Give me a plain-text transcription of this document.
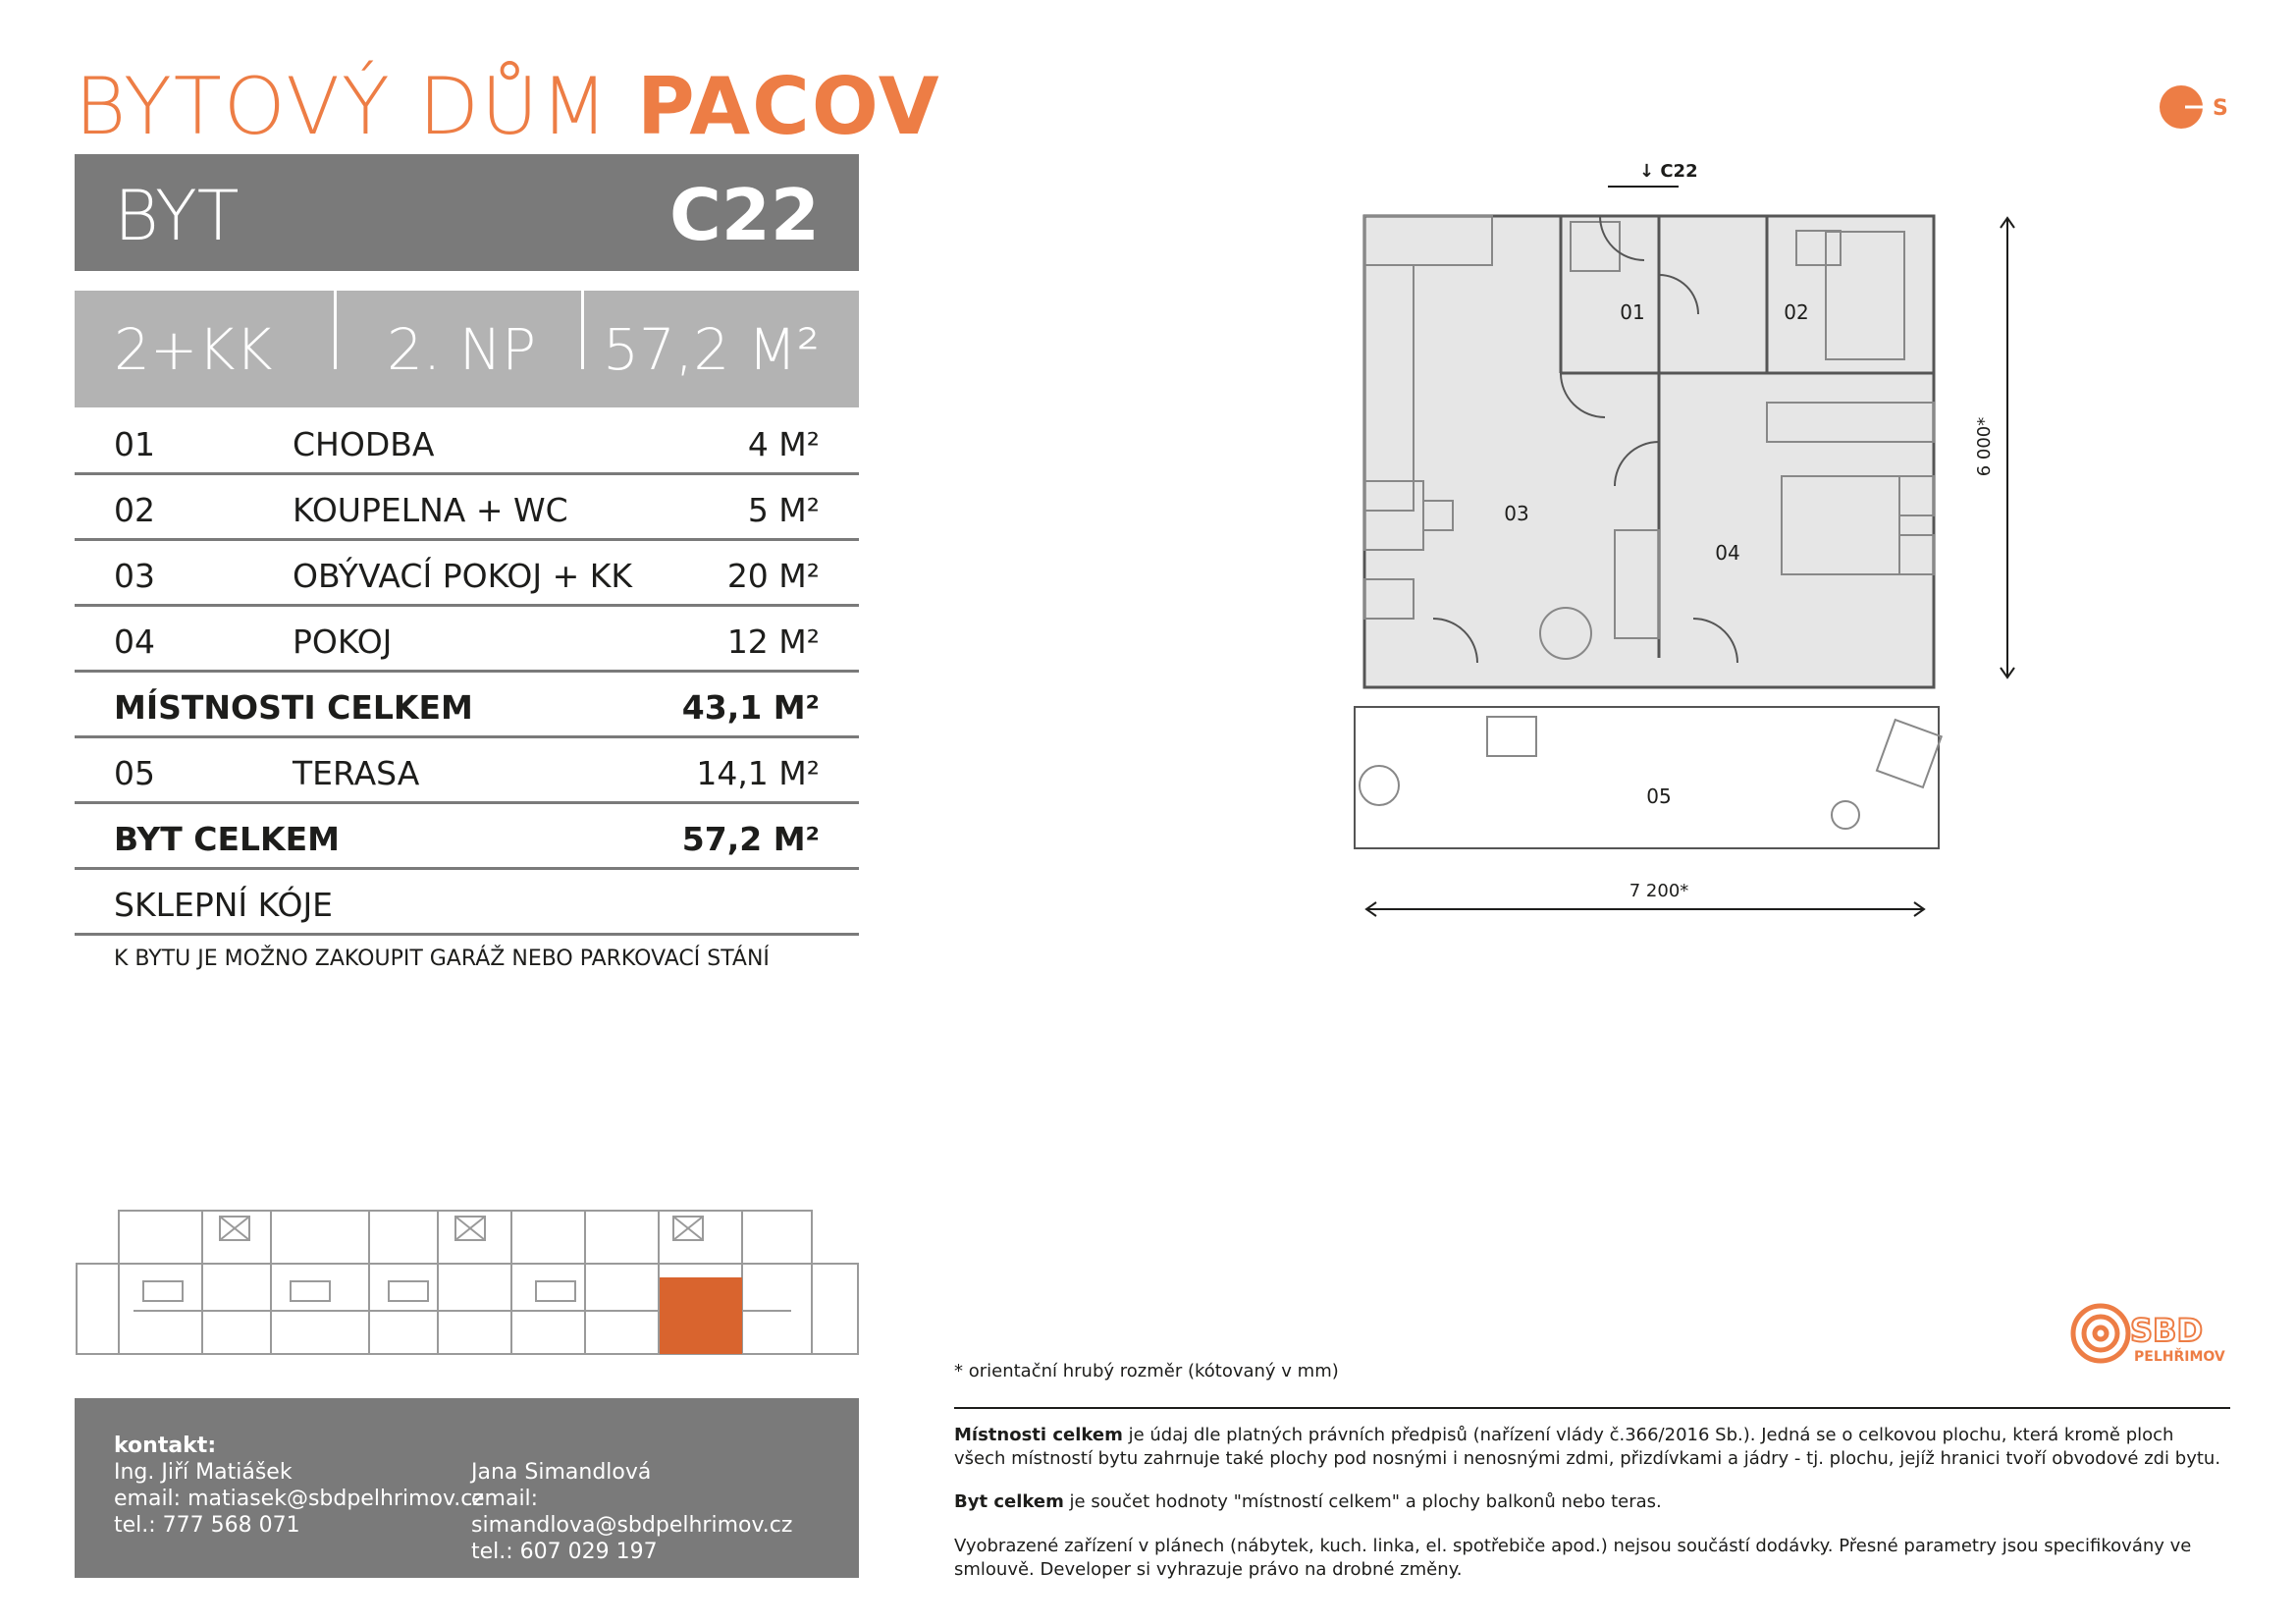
BYTOVÝ DŮM PACOV
BYT	C22
2+KK 2. NP 57,2 M²
01	CHODBA	4 M²
02	KOUPELNA + WC	5 M²
03	OBÝVACÍ POKOJ + KK	20 M²
04	POKOJ	12 M²
MÍSTNOSTI CELKEM	43,1 M²
05	TERASA	14,1 M²
BYT CELKEM	57,2 M²
SKLEPNÍ KÓJE
K BYTU JE MOŽNO ZAKOUPIT GARÁŽ NEBO PARKOVACÍ STÁNÍ
kontakt:
Ing. Jiří Matiášek
email: matiasek@sbdpelhrimov.cz
tel.: 777 568 071
Jana Simandlová
email: simandlova@sbdpelhrimov.cz
tel.: 607 029 197
↓ C22
01	02
03
04
05
7 200*
6 000*
S
SBD
PELHŘIMOV
* orientační hrubý rozměr (kótovaný v mm)
Místnosti celkem je údaj dle platných právních předpisů (nařízení vlády č.366/2016 Sb.). Jedná se o celkovou plochu, která kromě ploch všech místností bytu zahrnuje také plochy pod nosnými i nenosnými zdmi, přizdívkami a jádry - tj. plochu, jejíž hranici tvoří obvodové zdi bytu.
Byt celkem je součet hodnoty "místností celkem" a plochy balkonů nebo teras.
Vyobrazené zařízení v plánech (nábytek, kuch. linka, el. spotřebiče apod.) nejsou součástí dodávky. Přesné parametry jsou specifikovány ve smlouvě. Developer si vyhrazuje právo na drobné změny.
